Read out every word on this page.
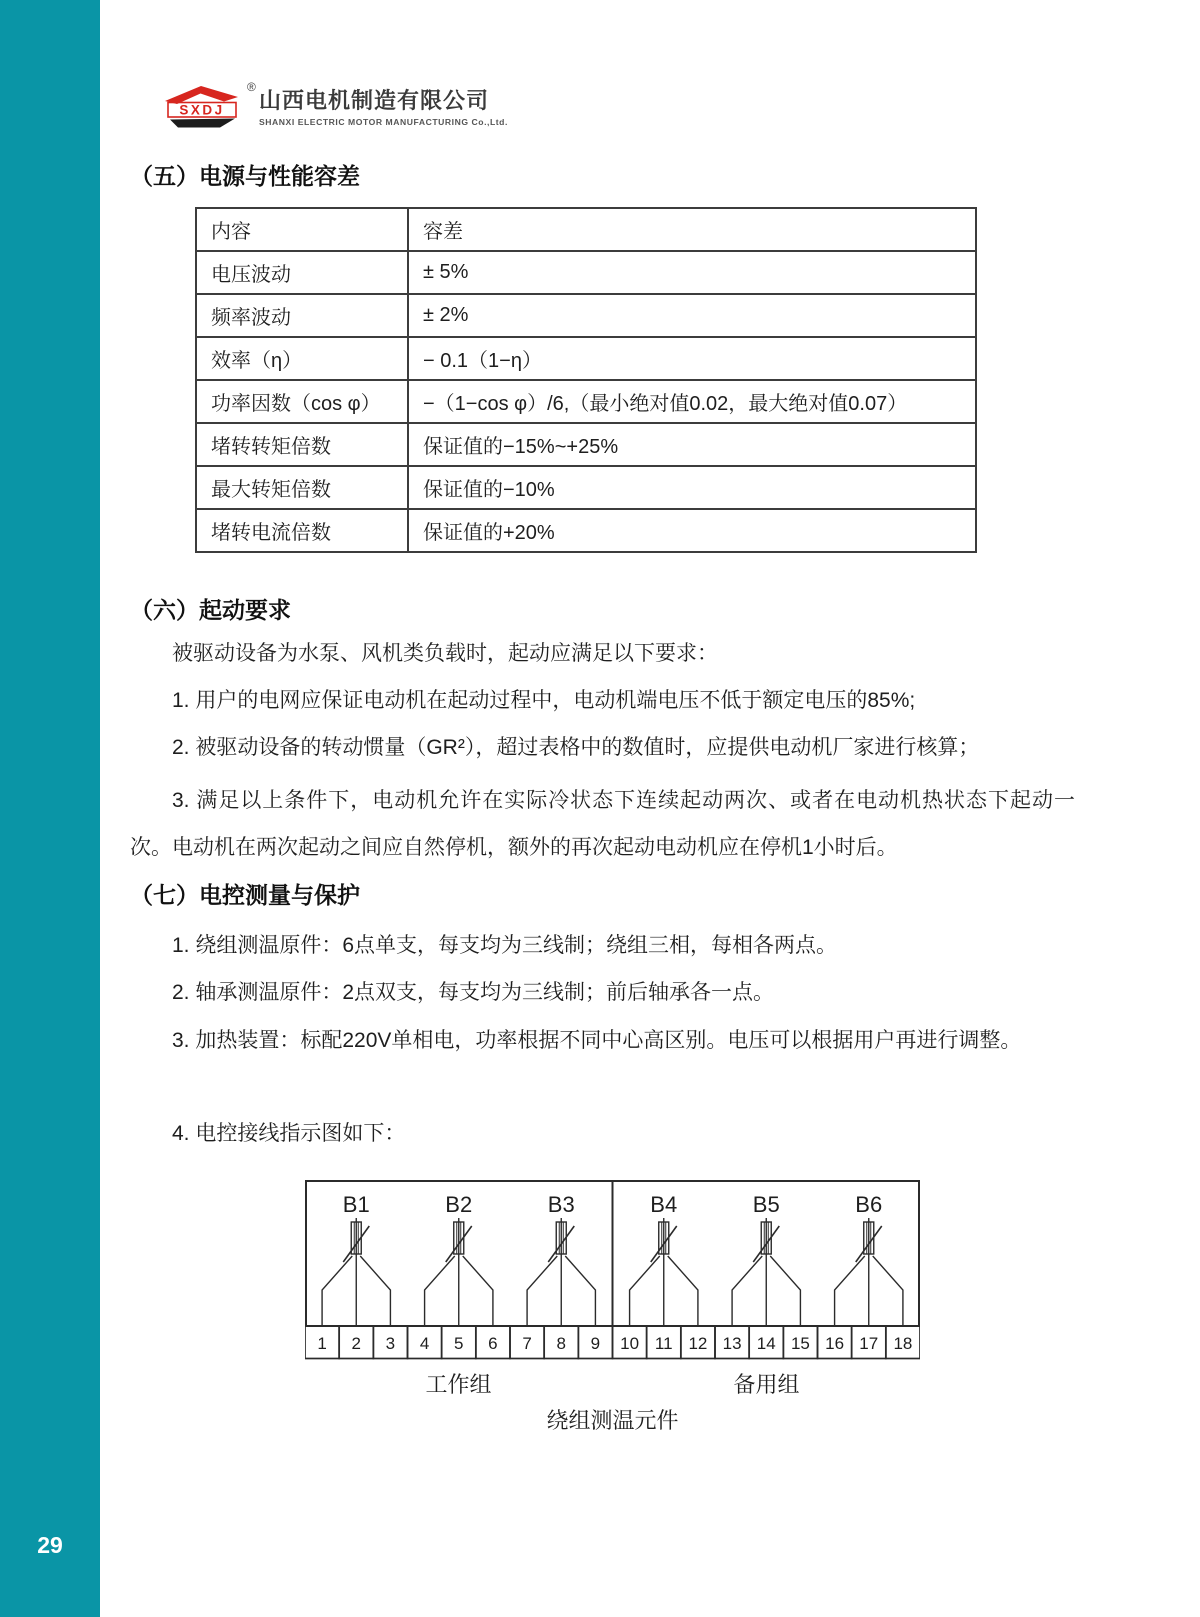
29
SXDJ
®
山西电机制造有限公司
SHANXI ELECTRIC MOTOR MANUFACTURING Co.,Ltd.
（五）电源与性能容差
内容	容差
电压波动	± 5%
频率波动	± 2%
效率（η）	− 0.1（1−η）
功率因数（cos φ）	−（1−cos φ）/6,（最小绝对值0.02，最大绝对值0.07）
堵转转矩倍数	保证值的−15%~+25%
最大转矩倍数	保证值的−10%
堵转电流倍数	保证值的+20%
（六）起动要求
被驱动设备为水泵、风机类负载时，起动应满足以下要求：
1. 用户的电网应保证电动机在起动过程中，电动机端电压不低于额定电压的85%;
2. 被驱动设备的转动惯量（GR²），超过表格中的数值时，应提供电动机厂家进行核算；
3. 满足以上条件下，电动机允许在实际冷状态下连续起动两次、或者在电动机热状态下起动一次。电动机在两次起动之间应自然停机，额外的再次起动电动机应在停机1小时后。
（七）电控测量与保护
1. 绕组测温原件：6点单支，每支均为三线制；绕组三相，每相各两点。
2. 轴承测温原件：2点双支，每支均为三线制；前后轴承各一点。
3. 加热装置：标配220V单相电，功率根据不同中心高区别。电压可以根据用户再进行调整。
4. 电控接线指示图如下：
1 2 3 4 5 6 7 8 9 10 11 12 13 14 15 16 17 18
B1	B2	B3	B4	B5	B6
工作组	备用组
绕组测温元件
